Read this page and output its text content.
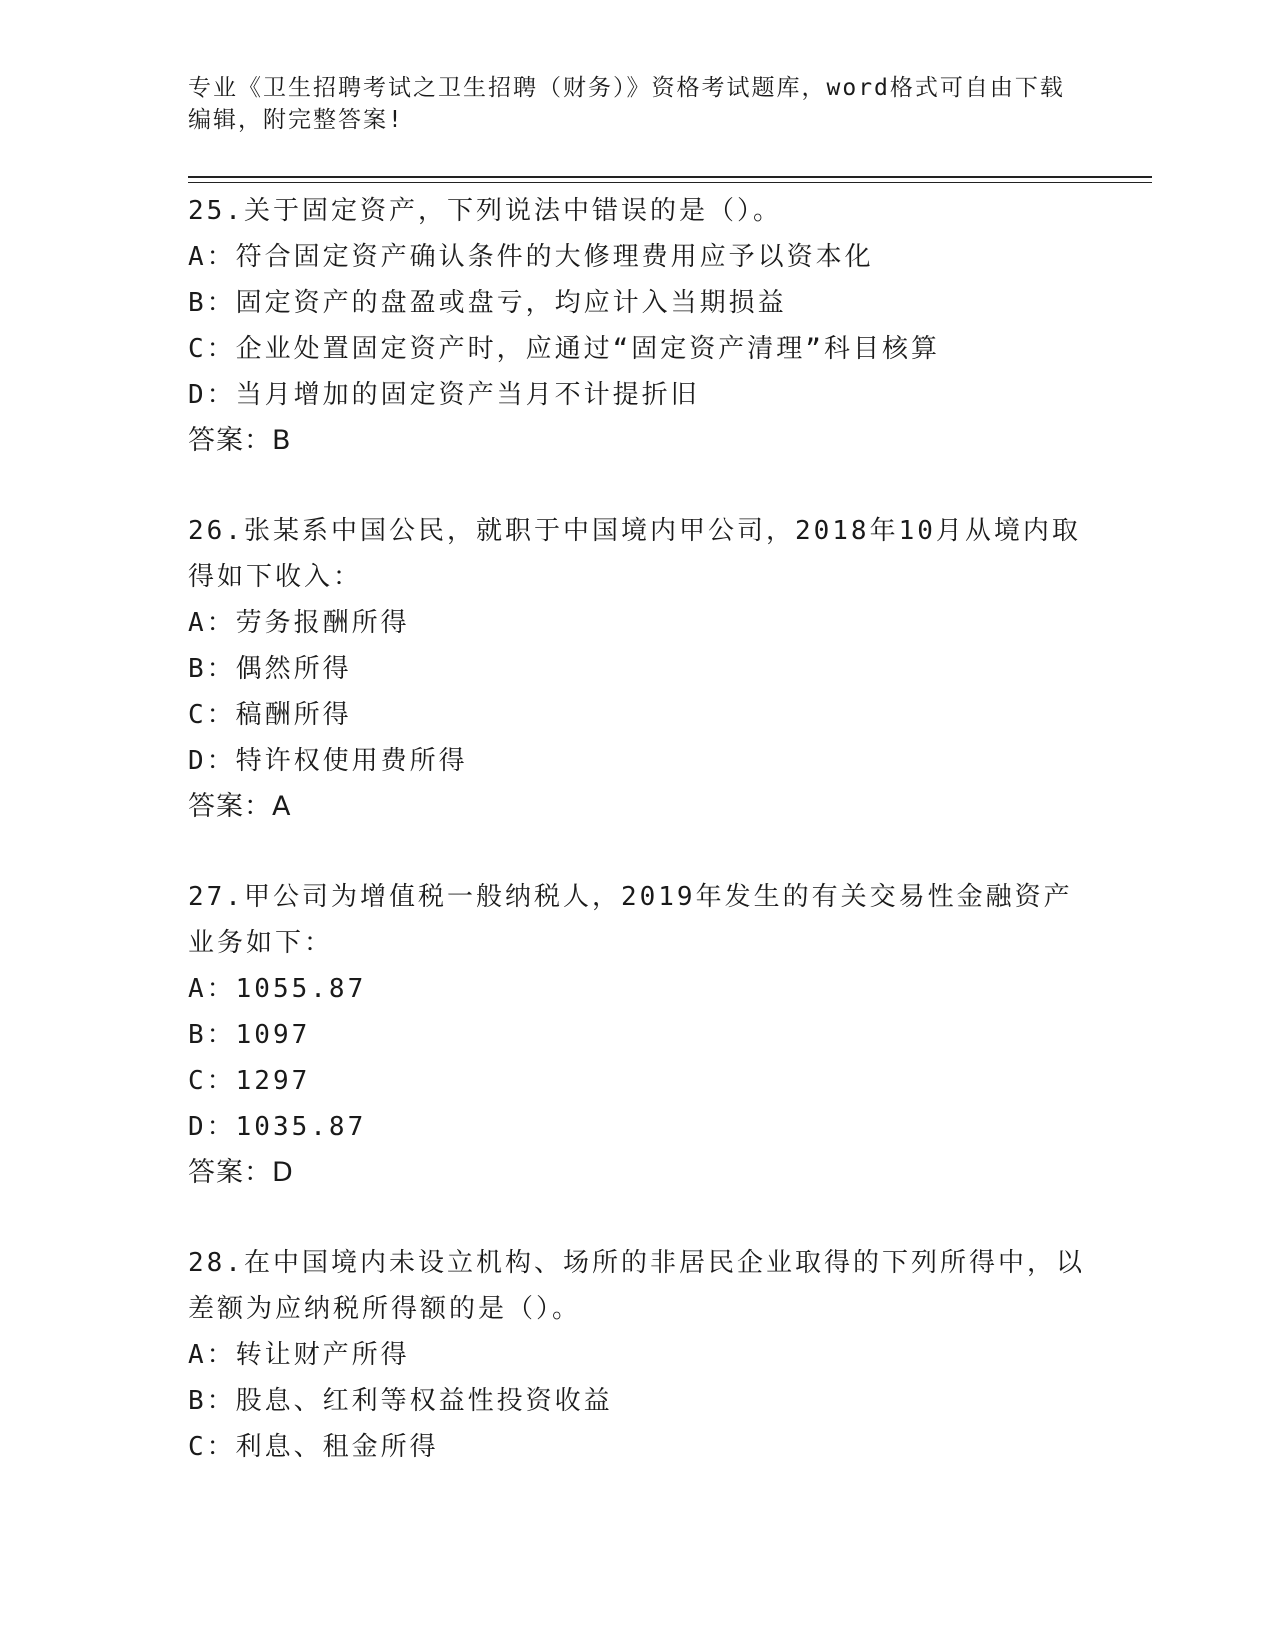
专业《卫生招聘考试之卫生招聘（财务）》资格考试题库，word格式可自由下载
编辑，附完整答案!
25.关于固定资产，下列说法中错误的是（）。
A：符合固定资产确认条件的大修理费用应予以资本化
B：固定资产的盘盈或盘亏，均应计入当期损益
C：企业处置固定资产时，应通过“固定资产清理”科目核算
D：当月增加的固定资产当月不计提折旧
答案：B
26.张某系中国公民，就职于中国境内甲公司，2018年10月从境内取得如下收入：
A：劳务报酬所得
B：偶然所得
C：稿酬所得
D：特许权使用费所得
答案：A
27.甲公司为增值税一般纳税人，2019年发生的有关交易性金融资产业务如下：
A：1055.87
B：1097
C：1297
D：1035.87
答案：D
28.在中国境内未设立机构、场所的非居民企业取得的下列所得中，以差额为应纳税所得额的是（）。
A：转让财产所得
B：股息、红利等权益性投资收益
C：利息、租金所得
